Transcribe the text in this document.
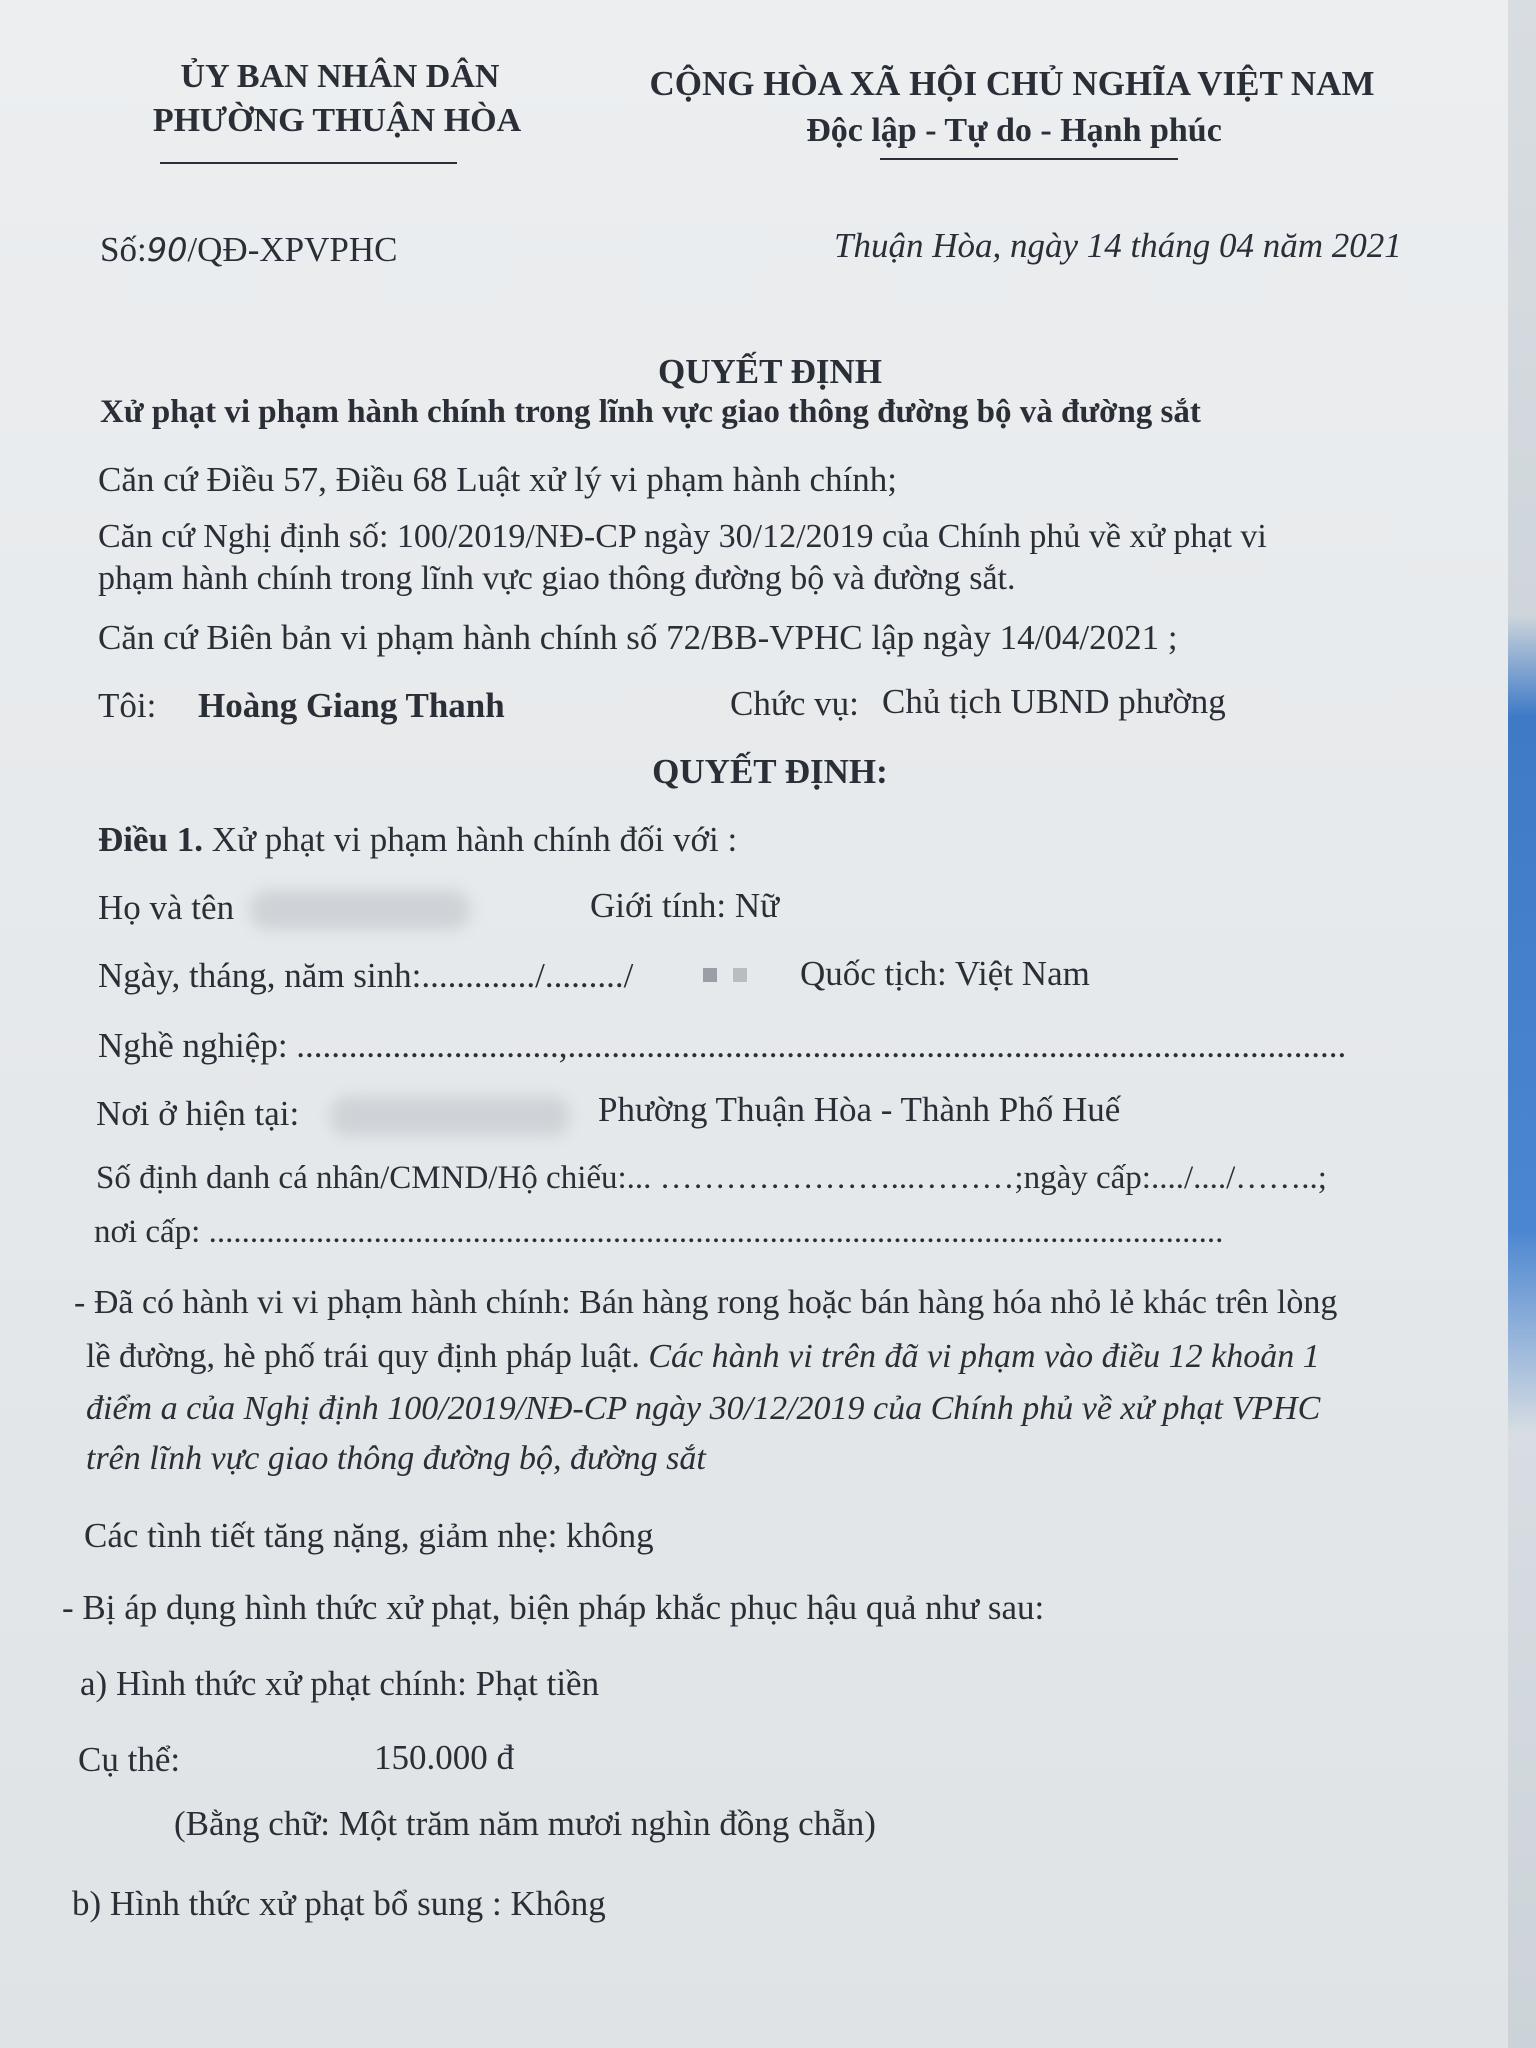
ỦY BAN NHÂN DÂN
PHƯỜNG THUẬN HÒA
CỘNG HÒA XÃ HỘI CHỦ NGHĨA VIỆT NAM
Độc lập - Tự do - Hạnh phúc
Số:90/QĐ-XPVPHC	Thuận Hòa, ngày 14 tháng 04 năm 2021
QUYẾT ĐỊNH
Xử phạt vi phạm hành chính trong lĩnh vực giao thông đường bộ và đường sắt
Căn cứ Điều 57, Điều 68 Luật xử lý vi phạm hành chính;
Căn cứ Nghị định số: 100/2019/NĐ-CP ngày 30/12/2019 của Chính phủ về xử phạt vi
phạm hành chính trong lĩnh vực giao thông đường bộ và đường sắt.
Căn cứ Biên bản vi phạm hành chính số 72/BB-VPHC lập ngày 14/04/2021 ;
Tôi: Hoàng Giang Thanh	Chức vụ: Chủ tịch UBND phường
QUYẾT ĐỊNH:
Điều 1. Xử phạt vi phạm hành chính đối với :
Họ và tên	Giới tính: Nữ
Ngày, tháng, năm sinh:............./........./	Quốc tịch: Việt Nam
Nghề nghiệp: ..............................,.........................................................................................
Nơi ở hiện tại:	Phường Thuận Hòa - Thành Phố Huế
Số định danh cá nhân/CMND/Hộ chiếu:... …………………...………;ngày cấp:..../..../……..;
nơi cấp: ...........................................................................................................................
- Đã có hành vi vi phạm hành chính: Bán hàng rong hoặc bán hàng hóa nhỏ lẻ khác trên lòng
lề đường, hè phố trái quy định pháp luật. Các hành vi trên đã vi phạm vào điều 12 khoản 1
điểm a của Nghị định 100/2019/NĐ-CP ngày 30/12/2019 của Chính phủ về xử phạt VPHC
trên lĩnh vực giao thông đường bộ, đường sắt
Các tình tiết tăng nặng, giảm nhẹ: không
- Bị áp dụng hình thức xử phạt, biện pháp khắc phục hậu quả như sau:
a) Hình thức xử phạt chính: Phạt tiền
Cụ thể:	150.000 đ
(Bằng chữ: Một trăm năm mươi nghìn đồng chẵn)
b) Hình thức xử phạt bổ sung : Không
